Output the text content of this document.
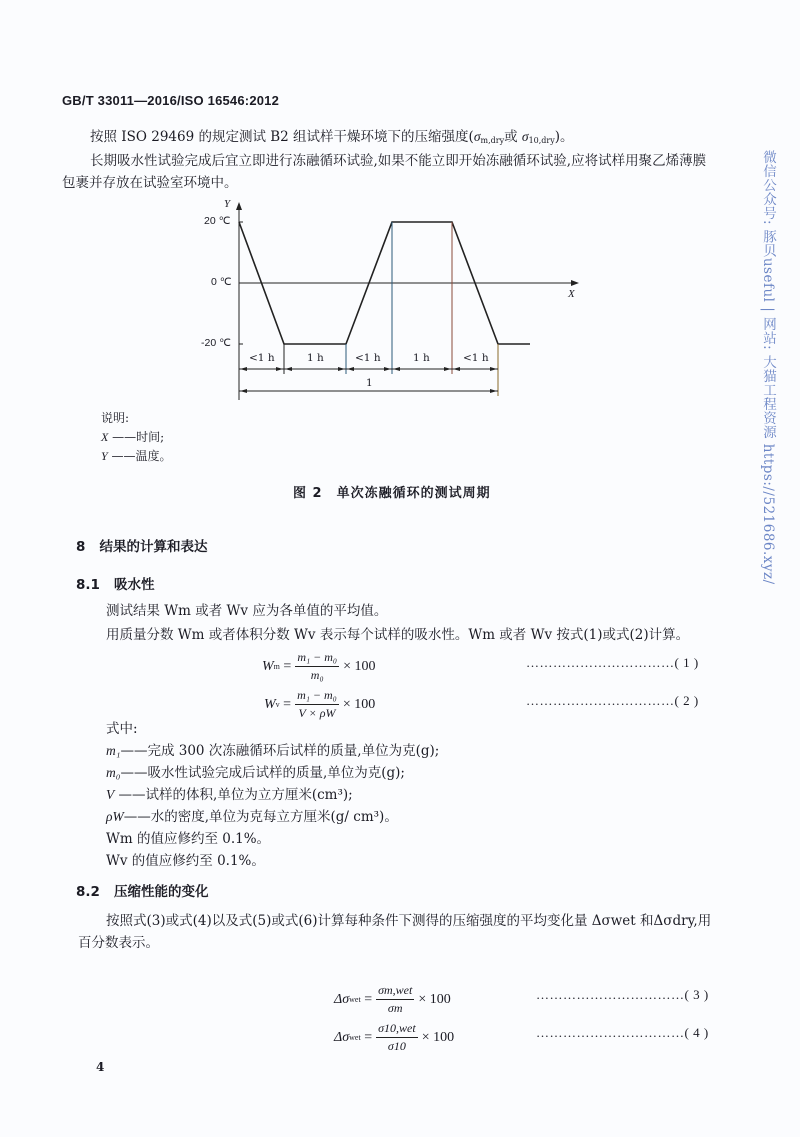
GB/T 33011—2016/ISO 16546:2012
按照 ISO 29469 的规定测试 B2 组试样干燥环境下的压缩强度($\sigma_{m,dry}$或 $\sigma_{10,dry}$)。
长期吸水性试验完成后宜立即进行冻融循环试验,如果不能立即开始冻融循环试验,应将试样用聚乙烯薄膜包裹并存放在试验室环境中。
Y
X
20 ℃
0 ℃
-20 ℃
<1 h	1 h	<1 h	1 h	<1 h
1
说明:
X ——时间;
Y ——温度。
图 2　单次冻融循环的测试周期
8 结果的计算和表达
8.1 吸水性
测试结果 Wm 或者 Wv 应为各单值的平均值。
用质量分数 Wm 或者体积分数 Wv 表示每个试样的吸水性。Wm 或者 Wv 按式(1)或式(2)计算。
W $m = \frac{\text{m₁ − m₀}}{\text{m₀}} \times 100$	……………………………( 1 )
W $v = \frac{\text{m₁ − m₀}}{V \times \rho W} \times 100$	……………………………( 2 )
式中:
m₁——完成 300 次冻融循环后试样的质量,单位为克(g);
m₀——吸水性试验完成后试样的质量,单位为克(g);
V ——试样的体积,单位为立方厘米(cm³);
ρW——水的密度,单位为克每立方厘米(g/ cm³)。
Wm 的值应修约至 0.1%。
Wv 的值应修约至 0.1%。
8.2 压缩性能的变化
按照式(3)或式(4)以及式(5)或式(6)计算每种条件下测得的压缩强度的平均变化量 Δσwet 和Δσdry,用百分数表示。
Δσ wet = $\frac{\text{σm,wet}}{\sigma m} \times 100$	……………………………( 3 )
Δσ wet = $\frac{\text{σ10,wet}}{\sigma 10} \times 100$	……………………………( 4 )
微信公众号: 豚贝useful | 网站: 大猫工程资源 https://521686.xyz/
4
